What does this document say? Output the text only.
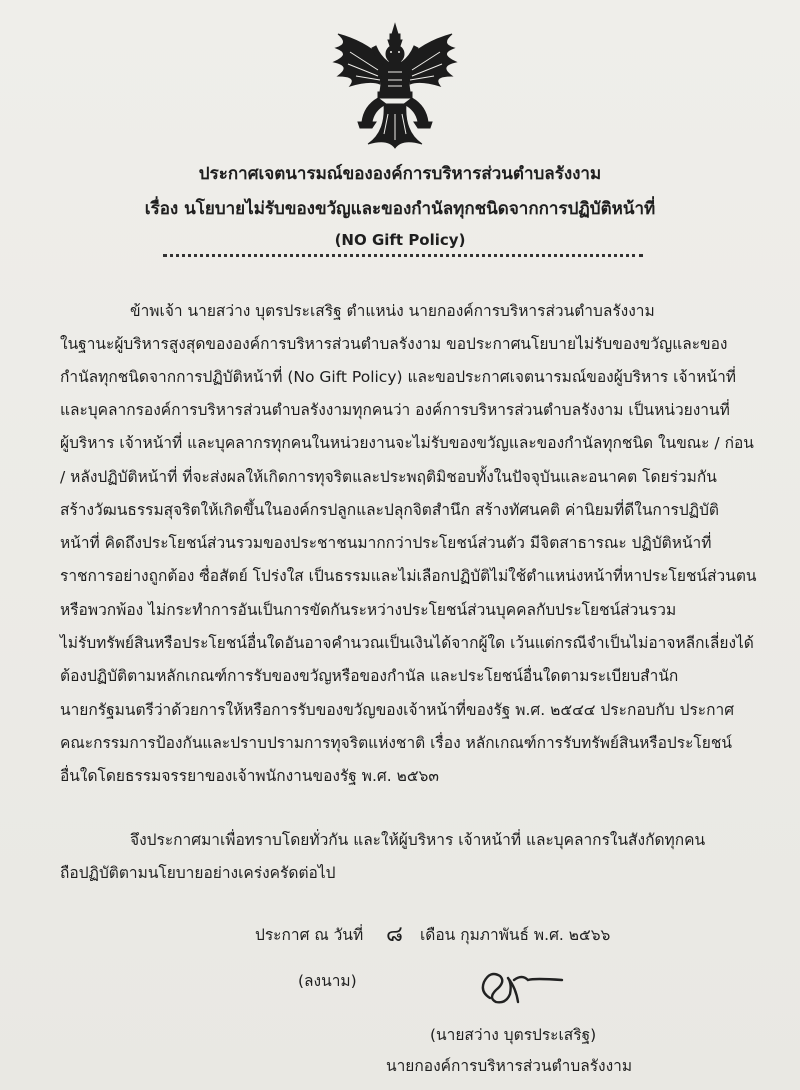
ประกาศเจตนารมณ์ขององค์การบริหารส่วนตำบลรังงาม
เรื่อง นโยบายไม่รับของขวัญและของกำนัลทุกชนิดจากการปฏิบัติหน้าที่
(NO Gift Policy)
ข้าพเจ้า นายสว่าง บุตรประเสริฐ ตำแหน่ง นายกองค์การบริหารส่วนตำบลรังงาม
ในฐานะผู้บริหารสูงสุดขององค์การบริหารส่วนตำบลรังงาม ขอประกาศนโยบายไม่รับของขวัญและของ
กำนัลทุกชนิดจากการปฏิบัติหน้าที่ (No Gift Policy) และขอประกาศเจตนารมณ์ของผู้บริหาร เจ้าหน้าที่
และบุคลากรองค์การบริหารส่วนตำบลรังงามทุกคนว่า องค์การบริหารส่วนตำบลรังงาม เป็นหน่วยงานที่
ผู้บริหาร เจ้าหน้าที่ และบุคลากรทุกคนในหน่วยงานจะไม่รับของขวัญและของกำนัลทุกชนิด ในขณะ / ก่อน
/ หลังปฏิบัติหน้าที่ ที่จะส่งผลให้เกิดการทุจริตและประพฤติมิชอบทั้งในปัจจุบันและอนาคต โดยร่วมกัน
สร้างวัฒนธรรมสุจริตให้เกิดขึ้นในองค์กรปลูกและปลุกจิตสำนึก สร้างทัศนคติ ค่านิยมที่ดีในการปฏิบัติ
หน้าที่ คิดถึงประโยชน์ส่วนรวมของประชาชนมากกว่าประโยชน์ส่วนตัว มีจิตสาธารณะ ปฏิบัติหน้าที่
ราชการอย่างถูกต้อง ซื่อสัตย์ โปร่งใส เป็นธรรมและไม่เลือกปฏิบัติไม่ใช้ตำแหน่งหน้าที่หาประโยชน์ส่วนตน
หรือพวกพ้อง ไม่กระทำการอันเป็นการขัดกันระหว่างประโยชน์ส่วนบุคคลกับประโยชน์ส่วนรวม
ไม่รับทรัพย์สินหรือประโยชน์อื่นใดอันอาจคำนวณเป็นเงินได้จากผู้ใด เว้นแต่กรณีจำเป็นไม่อาจหลีกเลี่ยงได้
ต้องปฏิบัติตามหลักเกณฑ์การรับของขวัญหรือของกำนัล และประโยชน์อื่นใดตามระเบียบสำนัก
นายกรัฐมนตรีว่าด้วยการให้หรือการรับของขวัญของเจ้าหน้าที่ของรัฐ พ.ศ. ๒๕๔๔ ประกอบกับ ประกาศ
คณะกรรมการป้องกันและปราบปรามการทุจริตแห่งชาติ เรื่อง หลักเกณฑ์การรับทรัพย์สินหรือประโยชน์
อื่นใดโดยธรรมจรรยาของเจ้าพนักงานของรัฐ พ.ศ. ๒๕๖๓
จึงประกาศมาเพื่อทราบโดยทั่วกัน และให้ผู้บริหาร เจ้าหน้าที่ และบุคลากรในสังกัดทุกคน
ถือปฏิบัติตามนโยบายอย่างเคร่งครัดต่อไป
ประกาศ ณ วันที่ ๘ เดือน กุมภาพันธ์ พ.ศ. ๒๕๖๖
(ลงนาม)
(นายสว่าง บุตรประเสริฐ)
นายกองค์การบริหารส่วนตำบลรังงาม
